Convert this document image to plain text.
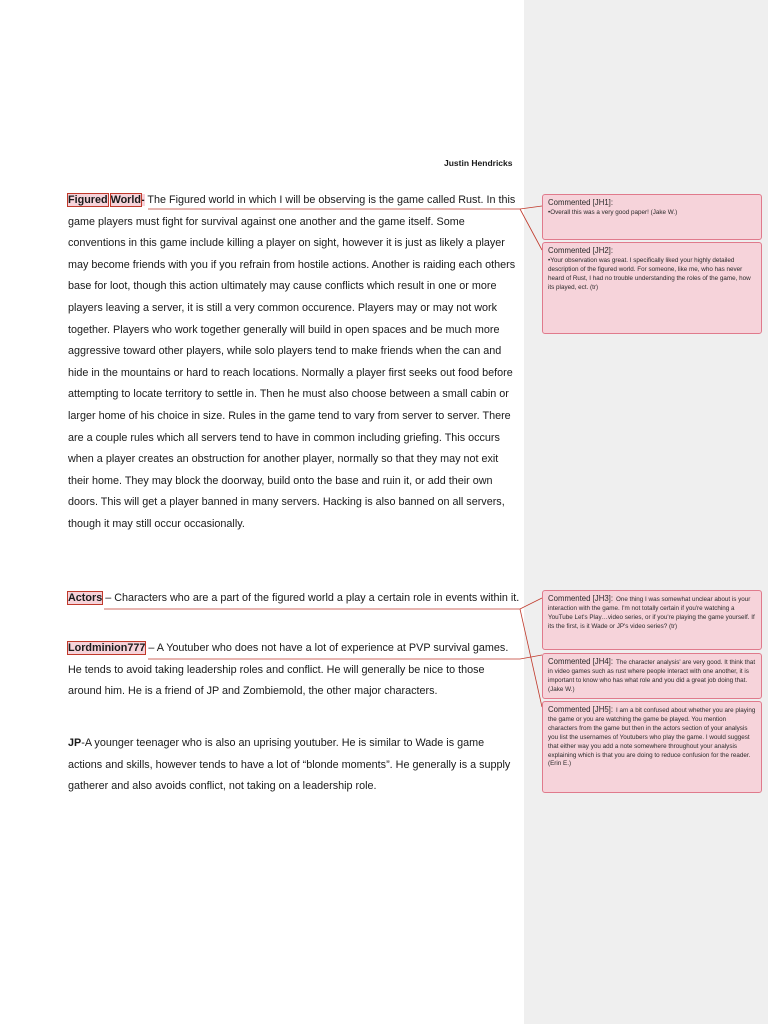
Justin Hendricks

Figured World- The Figured world in which I will be observing is the game called Rust. In this game players must fight for survival against one another and the game itself. Some conventions in this game include killing a player on sight, however it is just as likely a player may become friends with you if you refrain from hostile actions. Another is raiding each others base for loot, though this action ultimately may cause conflicts which result in one or more players leaving a server, it is still a very common occurence. Players may or may not work together. Players who work together generally will build in open spaces and be much more aggressive toward other players, while solo players tend to make friends when the can and hide in the mountains or hard to reach locations. Normally a player first seeks out food before attempting to locate territory to settle in. Then he must also choose between a small cabin or larger home of his choice in size. Rules in the game tend to vary from server to server. There are a couple rules which all servers tend to have in common including griefing. This occurs when a player creates an obstruction for another player, normally so that they may not exit their home. They may block the doorway, build onto the base and ruin it, or add their own doors. This will get a player banned in many servers. Hacking is also banned on all servers, though it may still occur occasionally.

Actors – Characters who are a part of the figured world a play a certain role in events within it.

Lordminion777 – A Youtuber who does not have a lot of experience at PVP survival games. He tends to avoid taking leadership roles and conflict. He will generally be nice to those around him. He is a friend of JP and Zombiemold, the other major characters.

JP-A younger teenager who is also an uprising youtuber. He is similar to Wade is game actions and skills, however tends to have a lot of “blonde moments”. He generally is a supply gatherer and also avoids conflict, not taking on a leadership role.

Commented [JH1]:
•Overall this was a very good paper! (Jake W.)
Commented [JH2]:
•Your observation was great. I specifically liked your highly detailed description of the figured world. For someone, like me, who has never heard of Rust, I had no trouble understanding the roles of the game, how its played, ect. (tr)
Commented [JH3]: One thing I was somewhat unclear about is your interaction with the game. I'm not totally certain if you're watching a YouTube Let's Play…video series, or if you're playing the game yourself. If its the first, is it Wade or JP's video series? (tr)
Commented [JH4]: The character analysis' are very good. It think that in video games such as rust where people interact with one another, it is important to know who has what role and you did a great job doing that. (Jake W.)
Commented [JH5]: I am a bit confused about whether you are playing the game or you are watching the game be played. You mention characters from the game but then in the actors section of your analysis you list the usernames of Youtubers who play the game. I would suggest that either way you add a note somewhere throughout your analysis explaining which is that you are doing to reduce confusion for the reader. (Erin E.)
